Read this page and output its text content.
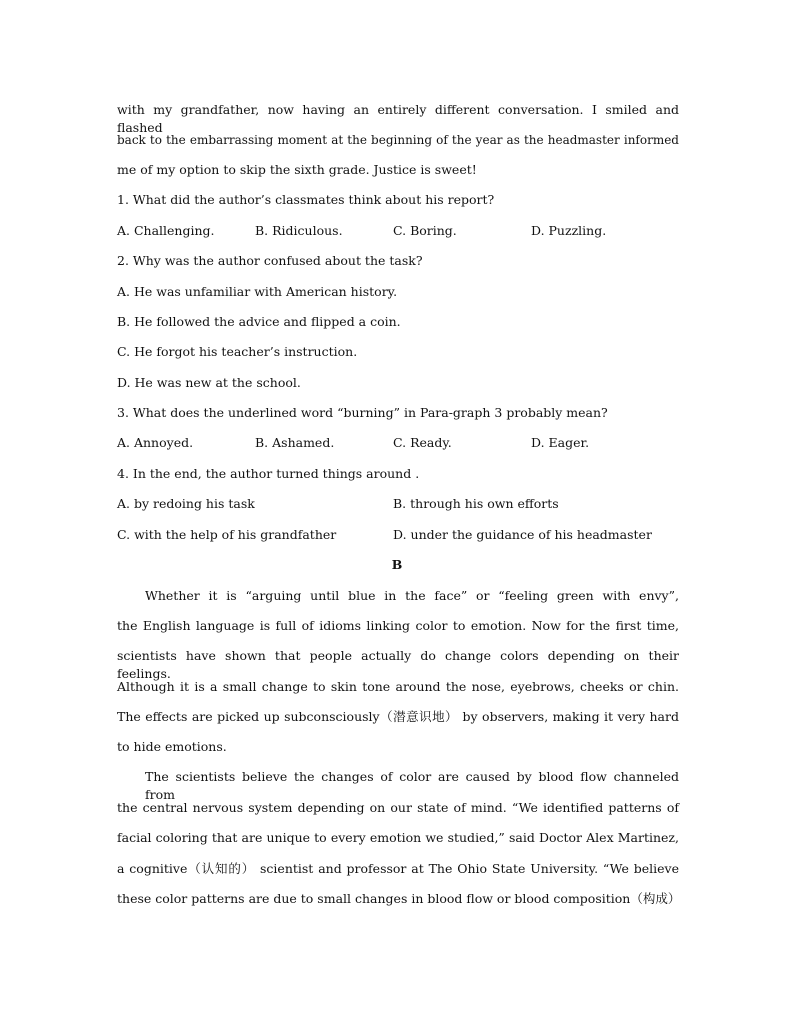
with my grandfather, now having an entirely different conversation. I smiled and flashed
back to the embarrassing moment at the beginning of the year as the headmaster informed
me of my option to skip the sixth grade. Justice is sweet!
1. What did the author’s classmates think about his report?
A. Challenging.	B. Ridiculous.	C. Boring.	D. Puzzling.
2. Why was the author confused about the task?
A. He was unfamiliar with American history.
B. He followed the advice and flipped a coin.
C. He forgot his teacher’s instruction.
D. He was new at the school.
3. What does the underlined word “burning” in Para-graph 3 probably mean?
A. Annoyed.	B. Ashamed.	C. Ready.	D. Eager.
4. In the end, the author turned things around .
A. by redoing his task	B. through his own efforts
C. with the help of his grandfather	D. under the guidance of his headmaster
B
Whether it is “arguing until blue in the face” or “feeling green with envy”,
the English language is full of idioms linking color to emotion. Now for the first time,
scientists have shown that people actually do change colors depending on their feelings.
Although it is a small change to skin tone around the nose, eyebrows, cheeks or chin.
The effects are picked up subconsciously（潜意识地） by observers, making it very hard
to hide emotions.
The scientists believe the changes of color are caused by blood flow channeled from
the central nervous system depending on our state of mind. “We identified patterns of
facial coloring that are unique to every emotion we studied,” said Doctor Alex Martinez,
a cognitive（认知的） scientist and professor at The Ohio State University. “We believe
these color patterns are due to small changes in blood flow or blood composition（构成）
